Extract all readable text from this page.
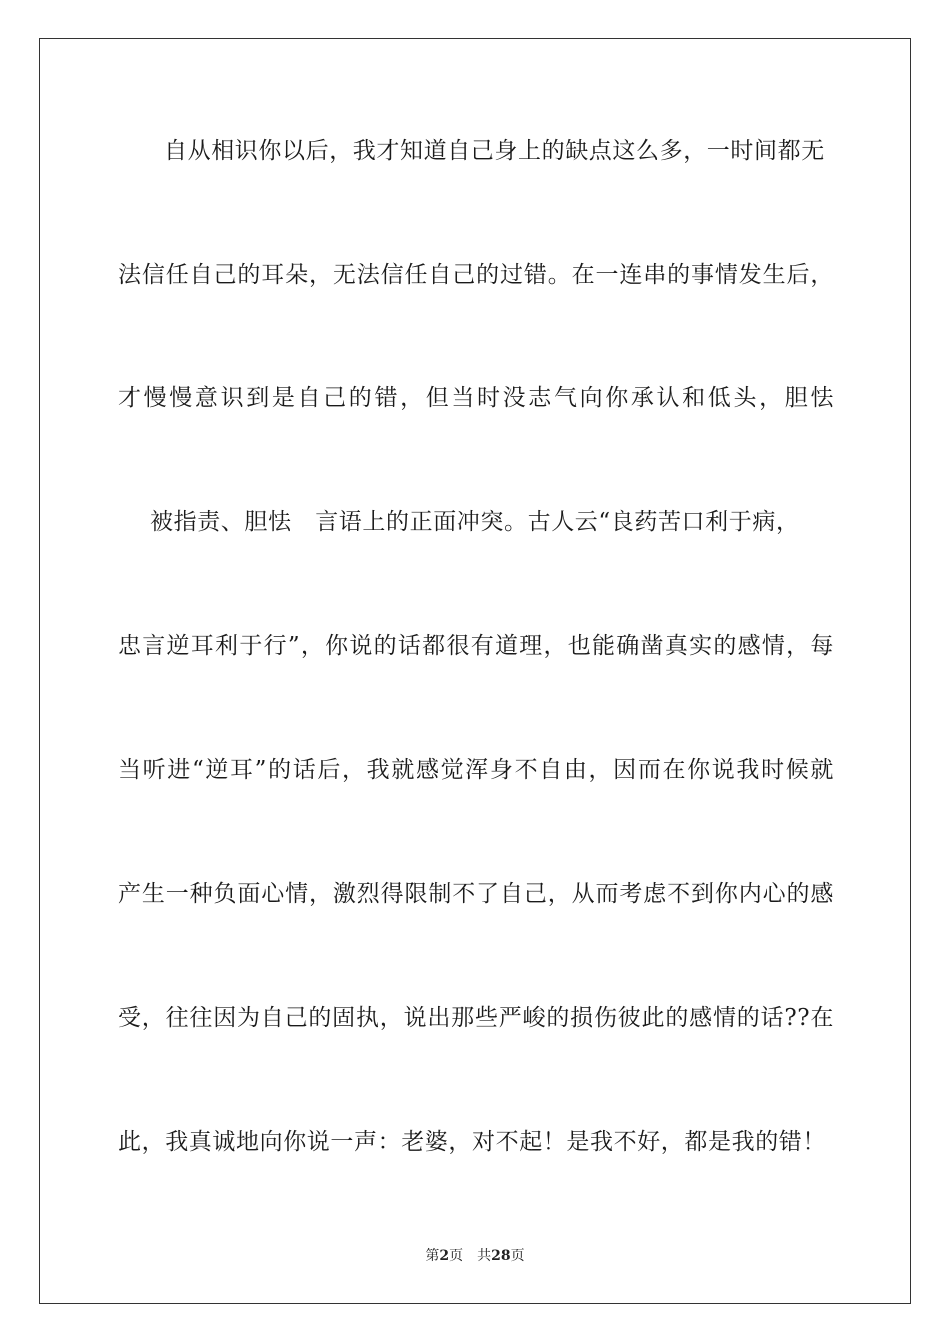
自从相识你以后，我才知道自己身上的缺点这么多，一时间都无
法信任自己的耳朵，无法信任自己的过错。在一连串的事情发生后，
才慢慢意识到是自己的错，但当时没志气向你承认和低头，胆怯
被指责、胆怯　言语上的正面冲突。古人云“良药苦口利于病，
忠言逆耳利于行”，你说的话都很有道理，也能确凿真实的感情，每
当听进“逆耳”的话后，我就感觉浑身不自由，因而在你说我时候就
产生一种负面心情，激烈得限制不了自己，从而考虑不到你内心的感
受，往往因为自己的固执，说出那些严峻的损伤彼此的感情的话??在
此，我真诚地向你说一声：老婆，对不起！是我不好，都是我的错！
第2页 共28页
